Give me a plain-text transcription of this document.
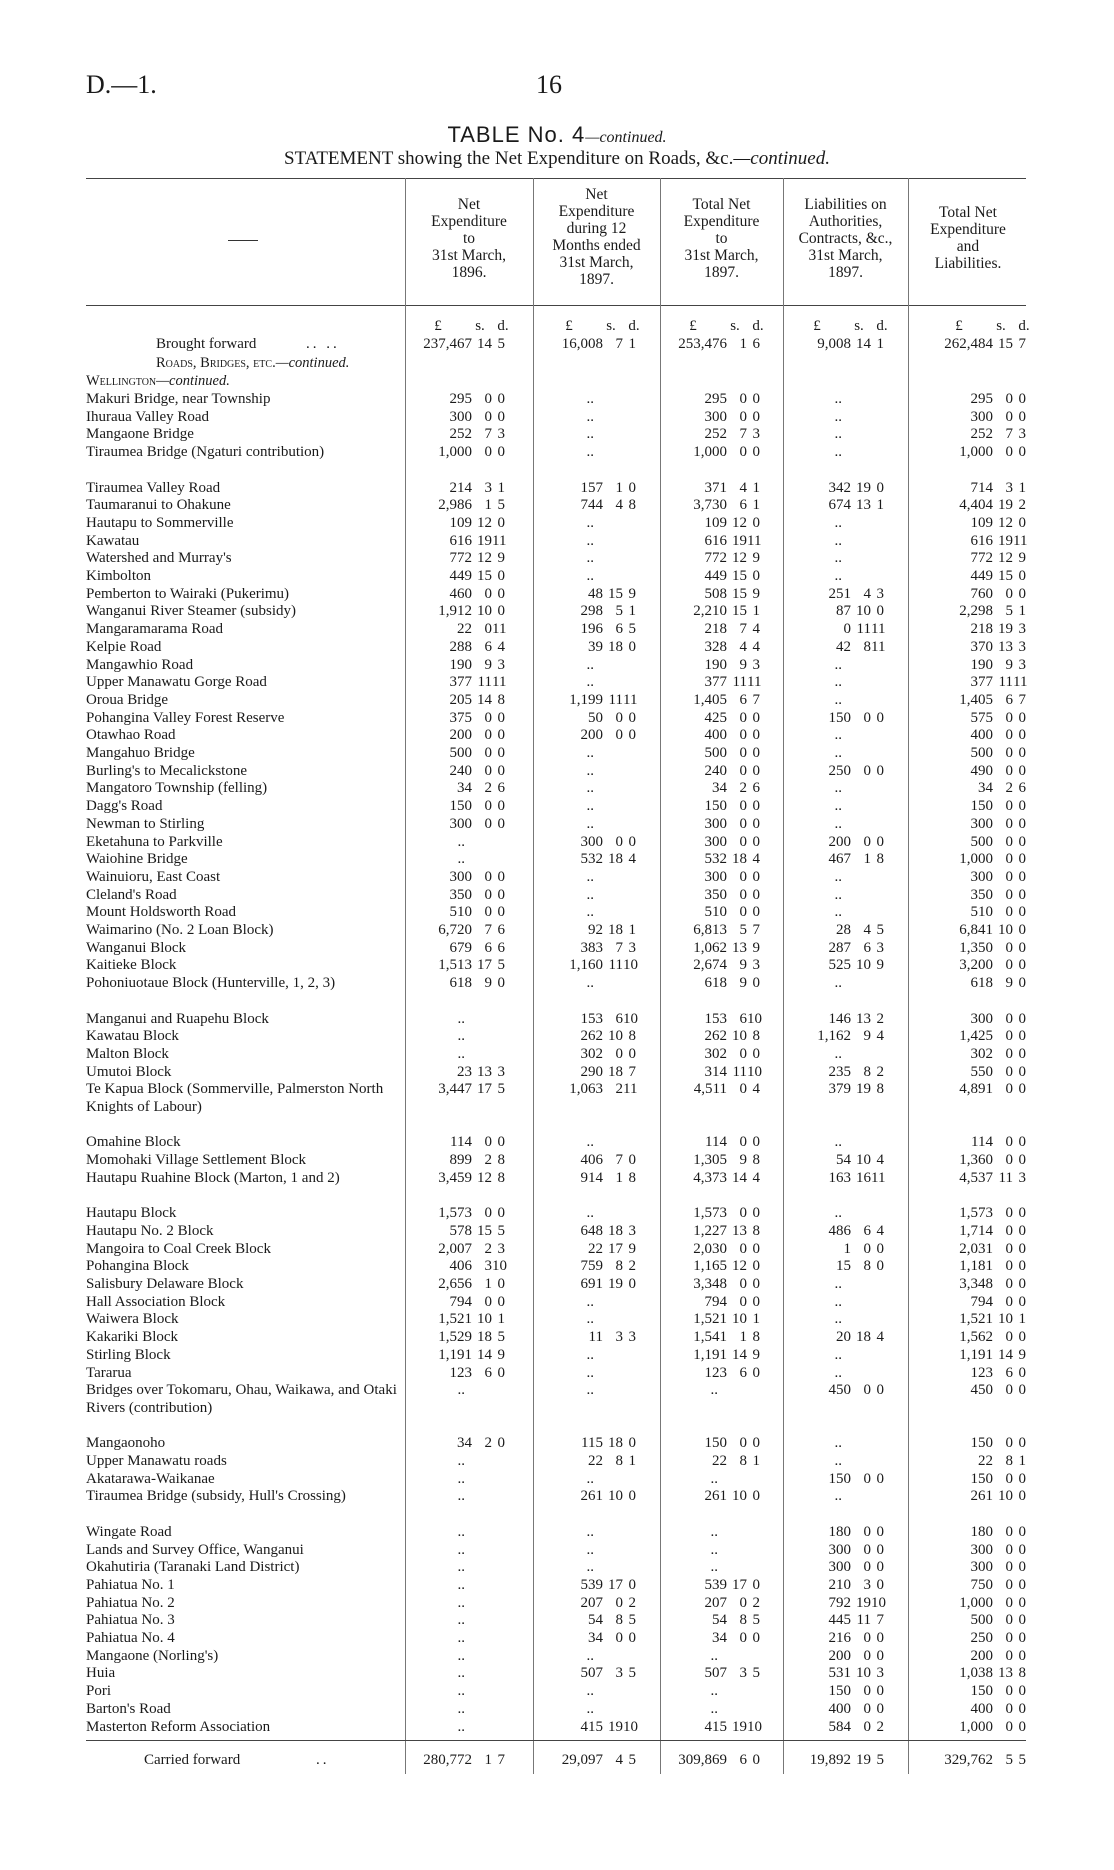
D.—1.	16
TABLE No. 4—continued.
STATEMENT showing the Net Expenditure on Roads, &c.—continued.
Net
Expenditure
to
31st March,
1896.
Net
Expenditure
during 12
Months ended
31st March,
1897.
Total Net
Expenditure
to
31st March,
1897.
Liabilities on
Authorities,
Contracts, &c.,
31st March,
1897.
Total Net
Expenditure
and
Liabilities.
£ s. d.	£ s. d.	£ s. d.	£ s. d.	£ s. d.
Brought forward	.. ..	237,467 14 5	16,008 7 1	253,476 1 6	9,008 14 1	262,484 15 7
Roads, Bridges, etc.—continued.
Wellington—continued.
Makuri Bridge, near Township	295 0 0	..	295 0 0	..	295 0 0
Ihuraua Valley Road	300 0 0	..	300 0 0	..	300 0 0
Mangaone Bridge	252 7 3	..	252 7 3	..	252 7 3
Tiraumea Bridge (Ngaturi contribution)	1,000 0 0	..	1,000 0 0	..	1,000 0 0
Tiraumea Valley Road	214 3 1	157 1 0	371 4 1	342 19 0	714 3 1
Taumaranui to Ohakune	2,986 1 5	744 4 8	3,730 6 1	674 13 1	4,404 19 2
Hautapu to Sommerville	109 12 0	..	109 12 0	..	109 12 0
Kawatau	616 19 11	..	616 19 11	..	616 19 11
Watershed and Murray's	772 12 9	..	772 12 9	..	772 12 9
Kimbolton	449 15 0	..	449 15 0	..	449 15 0
Pemberton to Wairaki (Pukerimu)	460 0 0	48 15 9	508 15 9	251 4 3	760 0 0
Wanganui River Steamer (subsidy)	1,912 10 0	298 5 1	2,210 15 1	87 10 0	2,298 5 1
Mangaramarama Road	22 0 11	196 6 5	218 7 4	0 11 11	218 19 3
Kelpie Road	288 6 4	39 18 0	328 4 4	42 8 11	370 13 3
Mangawhio Road	190 9 3	..	190 9 3	..	190 9 3
Upper Manawatu Gorge Road	377 11 11	..	377 11 11	..	377 11 11
Oroua Bridge	205 14 8	1,199 11 11	1,405 6 7	..	1,405 6 7
Pohangina Valley Forest Reserve	375 0 0	50 0 0	425 0 0	150 0 0	575 0 0
Otawhao Road	200 0 0	200 0 0	400 0 0	..	400 0 0
Mangahuo Bridge	500 0 0	..	500 0 0	..	500 0 0
Burling's to Mecalickstone	240 0 0	..	240 0 0	250 0 0	490 0 0
Mangatoro Township (felling)	34 2 6	..	34 2 6	..	34 2 6
Dagg's Road	150 0 0	..	150 0 0	..	150 0 0
Newman to Stirling	300 0 0	..	300 0 0	..	300 0 0
Eketahuna to Parkville	..	300 0 0	300 0 0	200 0 0	500 0 0
Waiohine Bridge	..	532 18 4	532 18 4	467 1 8	1,000 0 0
Wainuioru, East Coast	300 0 0	..	300 0 0	..	300 0 0
Cleland's Road	350 0 0	..	350 0 0	..	350 0 0
Mount Holdsworth Road	510 0 0	..	510 0 0	..	510 0 0
Waimarino (No. 2 Loan Block)	6,720 7 6	92 18 1	6,813 5 7	28 4 5	6,841 10 0
Wanganui Block	679 6 6	383 7 3	1,062 13 9	287 6 3	1,350 0 0
Kaitieke Block	1,513 17 5	1,160 11 10	2,674 9 3	525 10 9	3,200 0 0
Pohoniuotaue Block (Hunterville, 1, 2, 3)	618 9 0	..	618 9 0	..	618 9 0
Manganui and Ruapehu Block	..	153 6 10	153 6 10	146 13 2	300 0 0
Kawatau Block	..	262 10 8	262 10 8	1,162 9 4	1,425 0 0
Malton Block	..	302 0 0	302 0 0	..	302 0 0
Umutoi Block	23 13 3	290 18 7	314 11 10	235 8 2	550 0 0
Te Kapua Block (Sommerville, Palmerston North Knights of Labour)
3,447 17 5	1,063 2 11	4,511 0 4	379 19 8	4,891 0 0
Omahine Block	114 0 0	..	114 0 0	..	114 0 0
Momohaki Village Settlement Block	899 2 8	406 7 0	1,305 9 8	54 10 4	1,360 0 0
Hautapu Ruahine Block (Marton, 1 and 2)	3,459 12 8	914 1 8	4,373 14 4	163 16 11	4,537 11 3
Hautapu Block	1,573 0 0	..	1,573 0 0	..	1,573 0 0
Hautapu No. 2 Block	578 15 5	648 18 3	1,227 13 8	486 6 4	1,714 0 0
Mangoira to Coal Creek Block	2,007 2 3	22 17 9	2,030 0 0	1 0 0	2,031 0 0
Pohangina Block	406 3 10	759 8 2	1,165 12 0	15 8 0	1,181 0 0
Salisbury Delaware Block	2,656 1 0	691 19 0	3,348 0 0	..	3,348 0 0
Hall Association Block	794 0 0	..	794 0 0	..	794 0 0
Waiwera Block	1,521 10 1	..	1,521 10 1	..	1,521 10 1
Kakariki Block	1,529 18 5	11 3 3	1,541 1 8	20 18 4	1,562 0 0
Stirling Block	1,191 14 9	..	1,191 14 9	..	1,191 14 9
Tararua	123 6 0	..	123 6 0	..	123 6 0
Bridges over Tokomaru, Ohau, Waikawa, and Otaki Rivers (contribution)
..	..	..	450 0 0	450 0 0
Mangaonoho	34 2 0	115 18 0	150 0 0	..	150 0 0
Upper Manawatu roads	..	22 8 1	22 8 1	..	22 8 1
Akatarawa-Waikanae	..	..	..	150 0 0	150 0 0
Tiraumea Bridge (subsidy, Hull's Crossing)	..	261 10 0	261 10 0	..	261 10 0
Wingate Road	..	..	..	180 0 0	180 0 0
Lands and Survey Office, Wanganui	..	..	..	300 0 0	300 0 0
Okahutiria (Taranaki Land District)	..	..	..	300 0 0	300 0 0
Pahiatua No. 1	..	539 17 0	539 17 0	210 3 0	750 0 0
Pahiatua No. 2	..	207 0 2	207 0 2	792 19 10	1,000 0 0
Pahiatua No. 3	..	54 8 5	54 8 5	445 11 7	500 0 0
Pahiatua No. 4	..	34 0 0	34 0 0	216 0 0	250 0 0
Mangaone (Norling's)	..	..	..	200 0 0	200 0 0
Huia	..	507 3 5	507 3 5	531 10 3	1,038 13 8
Pori	..	..	..	150 0 0	150 0 0
Barton's Road	..	..	..	400 0 0	400 0 0
Masterton Reform Association	..	415 19 10	415 19 10	584 0 2	1,000 0 0
Carried forward	..	280,772 1 7	29,097 4 5	309,869 6 0	19,892 19 5	329,762 5 5
